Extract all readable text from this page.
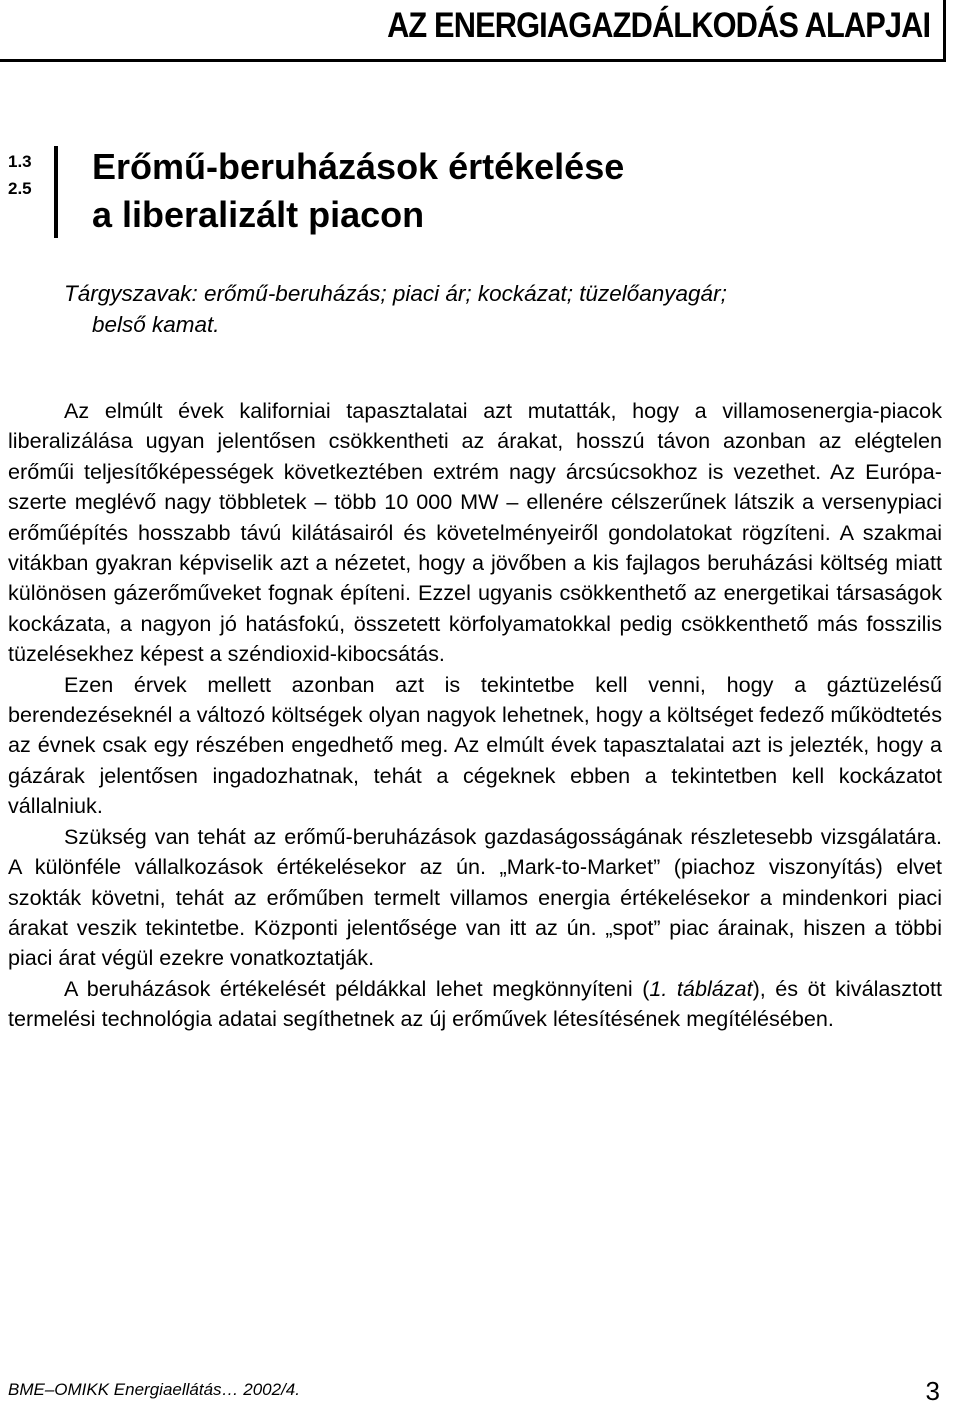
AZ ENERGIAGAZDÁLKODÁS ALAPJAI
1.3
2.5
Erőmű-beruházások értékelése
a liberalizált piacon
Tárgyszavak: erőmű-beruházás; piaci ár; kockázat; tüzelőanyagár;
belső kamat.

Az elmúlt évek kaliforniai tapasztalatai azt mutatták, hogy a villamosenergia-piacok liberalizálása ugyan jelentősen csökkentheti az árakat, hosszú távon azonban az elégtelen erőműi teljesítőképességek következtében extrém nagy árcsúcsokhoz is vezethet. Az Európa-szerte meglévő nagy többletek – több 10 000 MW – ellenére célszerűnek látszik a versenypiaci erőműépítés hosszabb távú kilátásairól és követelményeiről gondolatokat rögzíteni. A szakmai vitákban gyakran képviselik azt a nézetet, hogy a jövőben a kis fajlagos beruházási költség miatt különösen gázerőműveket fognak építeni. Ezzel ugyanis csökkenthető az energetikai társaságok kockázata, a nagyon jó hatásfokú, összetett körfolyamatokkal pedig csökkenthető más fosszilis tüzelésekhez képest a széndioxid-kibocsátás.

Ezen érvek mellett azonban azt is tekintetbe kell venni, hogy a gáztüzelésű berendezéseknél a változó költségek olyan nagyok lehetnek, hogy a költséget fedező működtetés az évnek csak egy részében engedhető meg. Az elmúlt évek tapasztalatai azt is jelezték, hogy a gázárak jelentősen ingadozhatnak, tehát a cégeknek ebben a tekintetben kell kockázatot vállalniuk.

Szükség van tehát az erőmű-beruházások gazdaságosságának részletesebb vizsgálatára. A különféle vállalkozások értékelésekor az ún. „Mark-to-Market” (piachoz viszonyítás) elvet szokták követni, tehát az erőműben termelt villamos energia értékelésekor a mindenkori piaci árakat veszik tekintetbe. Központi jelentősége van itt az ún. „spot” piac árainak, hiszen a többi piaci árat végül ezekre vonatkoztatják.

A beruházások értékelését példákkal lehet megkönnyíteni (1. táblázat), és öt kiválasztott termelési technológia adatai segíthetnek az új erőművek létesítésének megítélésében.

BME–OMIKK Energiaellátás… 2002/4.	3
